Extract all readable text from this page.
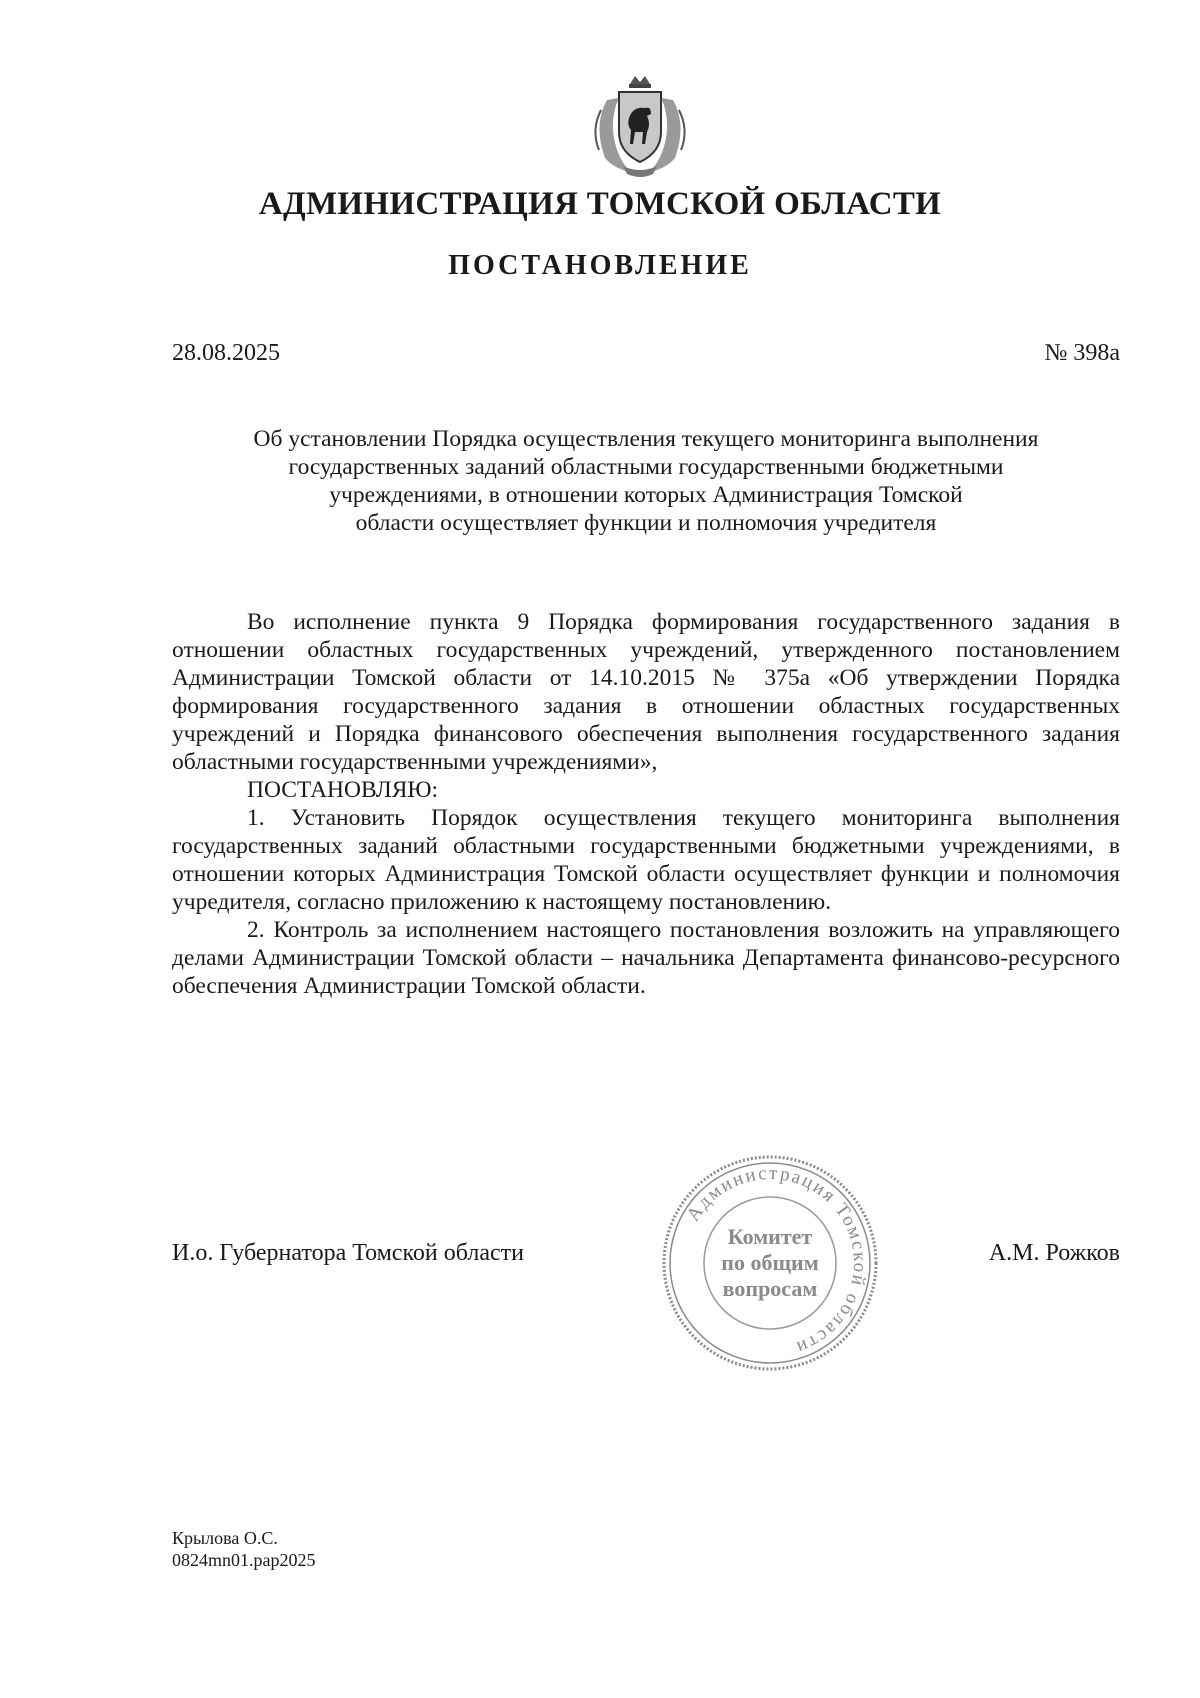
АДМИНИСТРАЦИЯ ТОМСКОЙ ОБЛАСТИ
ПОСТАНОВЛЕНИЕ
28.08.2025	№ 398а
Об установлении Порядка осуществления текущего мониторинга выполнения
государственных заданий областными государственными бюджетными
учреждениями, в отношении которых Администрация Томской
области осуществляет функции и полномочия учредителя

Во исполнение пункта 9 Порядка формирования государственного задания в отношении областных государственных учреждений, утвержденного постановлением Администрации Томской области от 14.10.2015 № 375а «Об утверждении Порядка формирования государственного задания в отношении областных государственных учреждений и Порядка финансового обеспечения выполнения государственного задания областными государственными учреждениями»,

ПОСТАНОВЛЯЮ:

1. Установить Порядок осуществления текущего мониторинга выполнения государственных заданий областными государственными бюджетными учреждениями, в отношении которых Администрация Томской области осуществляет функции и полномочия учредителя, согласно приложению к настоящему постановлению.

2. Контроль за исполнением настоящего постановления возложить на управляющего делами Администрации Томской области – начальника Департамента финансово-ресурсного обеспечения Администрации Томской области.

И.о. Губернатора Томской области
Администрация Томской области
Комитет
по общим
вопросам
А.М. Рожков
Крылова О.С.
0824mn01.pap2025
